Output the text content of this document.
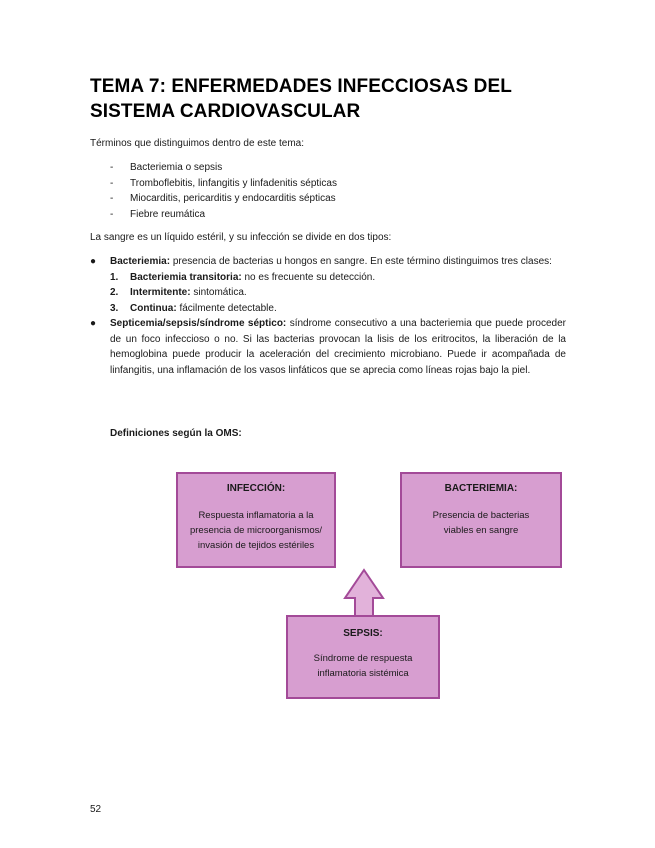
TEMA 7: ENFERMEDADES INFECCIOSAS DEL SISTEMA CARDIOVASCULAR
Términos que distinguimos dentro de este tema:
- Bacteriemia o sepsis
- Tromboflebitis, linfangitis y linfadenitis sépticas
- Miocarditis, pericarditis y endocarditis sépticas
- Fiebre reumática
La sangre es un líquido estéril, y su infección se divide en dos tipos:
● Bacteriemia: presencia de bacterias u hongos en sangre. En este término distinguimos tres clases:
1. Bacteriemia transitoria: no es frecuente su detección.
2. Intermitente: sintomática.
3. Continua: fácilmente detectable.
● Septicemia/sepsis/síndrome séptico: síndrome consecutivo a una bacteriemia que puede proceder de un foco infeccioso o no. Si las bacterias provocan la lisis de los eritrocitos, la liberación de la hemoglobina puede producir la aceleración del crecimiento microbiano. Puede ir acompañada de linfangitis, una inflamación de los vasos linfáticos que se aprecia como líneas rojas bajo la piel.
Definiciones según la OMS:
INFECCIÓN:
Respuesta inflamatoria a la presencia de microorganismos/ invasión de tejidos estériles
BACTERIEMIA:
Presencia de bacterias viables en sangre
SEPSIS:
Síndrome de respuesta inflamatoria sistémica
52
